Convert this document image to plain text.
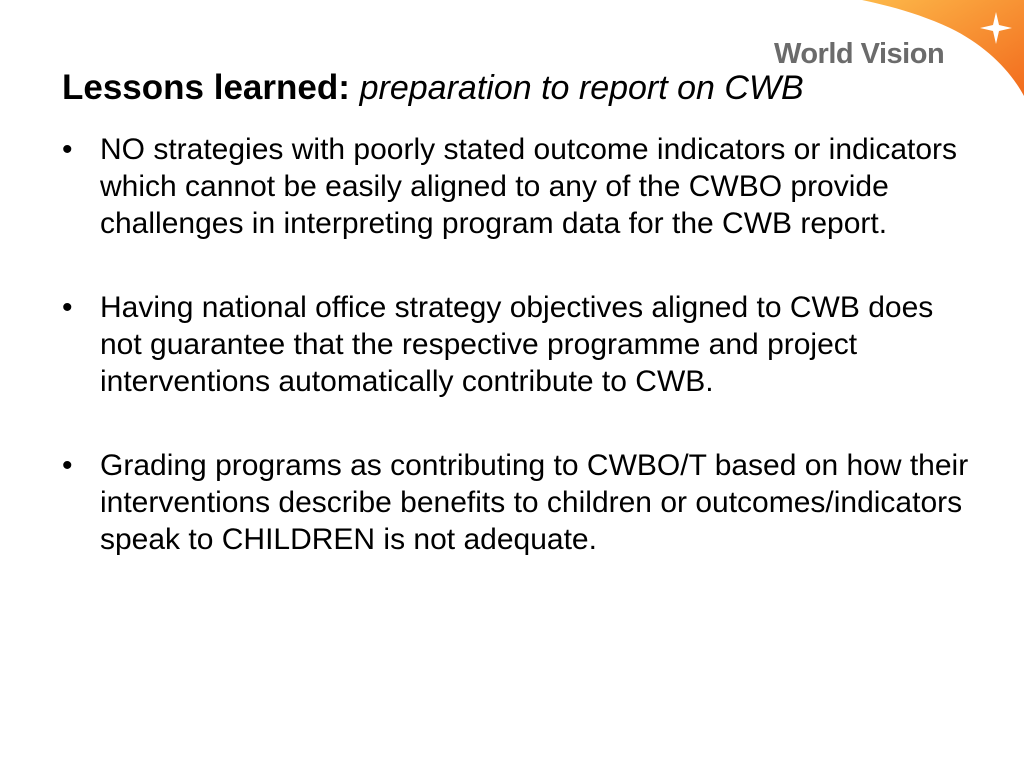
World Vision
Lessons learned: preparation to report on CWB
• NO strategies with poorly stated outcome indicators or indicators which cannot be easily aligned to any of the CWBO provide challenges in interpreting program data for the CWB report.
• Having national office strategy objectives aligned to CWB does not guarantee that the respective programme and project interventions automatically contribute to CWB.
• Grading programs as contributing to CWBO/T based on how their interventions describe benefits to children or outcomes/indicators speak to CHILDREN is not adequate.
